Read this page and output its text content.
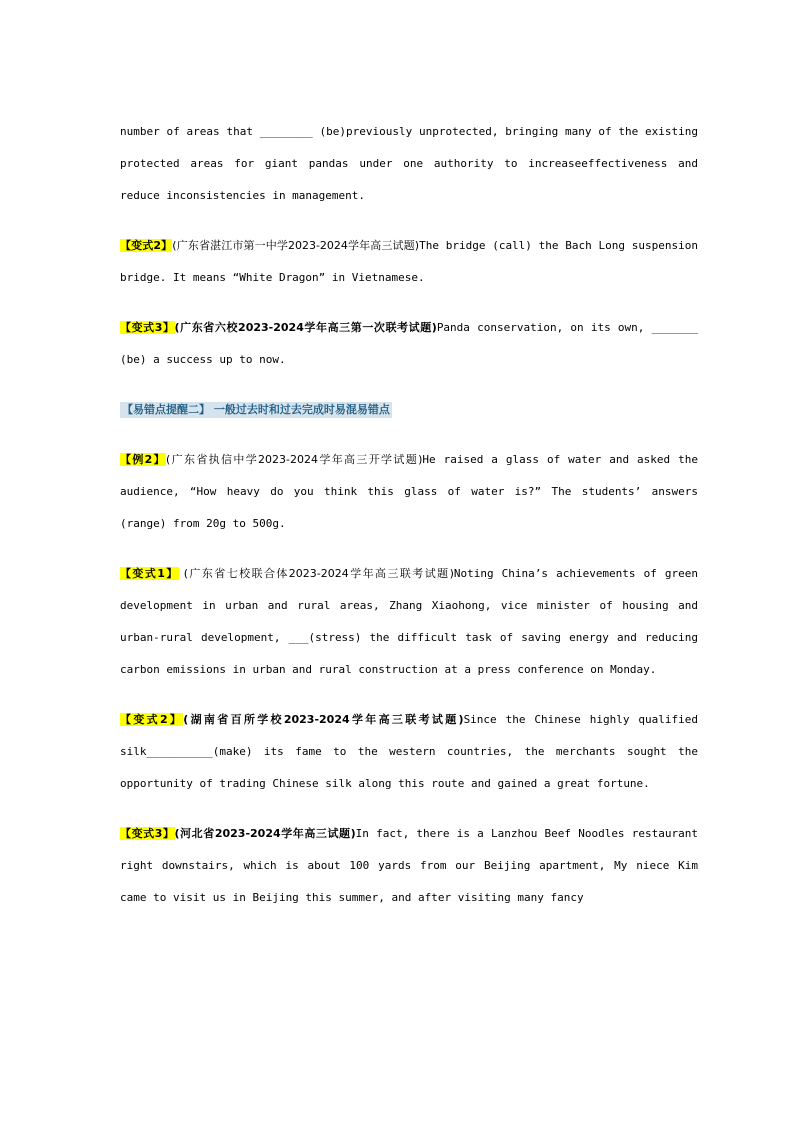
number of areas that ________ (be)previously unprotected, bringing many of the existing protected areas for giant pandas under one authority to increaseeffectiveness and reduce inconsistencies in management.

【变式2】(广东省湛江市第一中学2023-2024学年高三试题)The bridge (call) the Bach Long suspension bridge. It means “White Dragon” in Vietnamese.

【变式3】(广东省六校2023-2024学年高三第一次联考试题)Panda conservation, on its own, _______ (be) a success up to now.

【易错点提醒二】 一般过去时和过去完成时易混易错点

【例2】(广东省执信中学2023-2024学年高三开学试题)He raised a glass of water and asked the audience, “How heavy do you think this glass of water is?” The students’ answers (range) from 20g to 500g.

【变式1】 (广东省七校联合体2023-2024学年高三联考试题)Noting China’s achievements of green development in urban and rural areas, Zhang Xiaohong, vice minister of housing and urban-rural development, ___(stress) the difficult task of saving energy and reducing carbon emissions in urban and rural construction at a press conference on Monday.

【变式2】(湖南省百所学校2023-2024学年高三联考试题)Since the Chinese highly qualified silk__________(make) its fame to the western countries, the merchants sought the opportunity of trading Chinese silk along this route and gained a great fortune.

【变式3】(河北省2023-2024学年高三试题)In fact, there is a Lanzhou Beef Noodles restaurant right downstairs, which is about 100 yards from our Beijing apartment, My niece Kim came to visit us in Beijing this summer, and after visiting many fancy
